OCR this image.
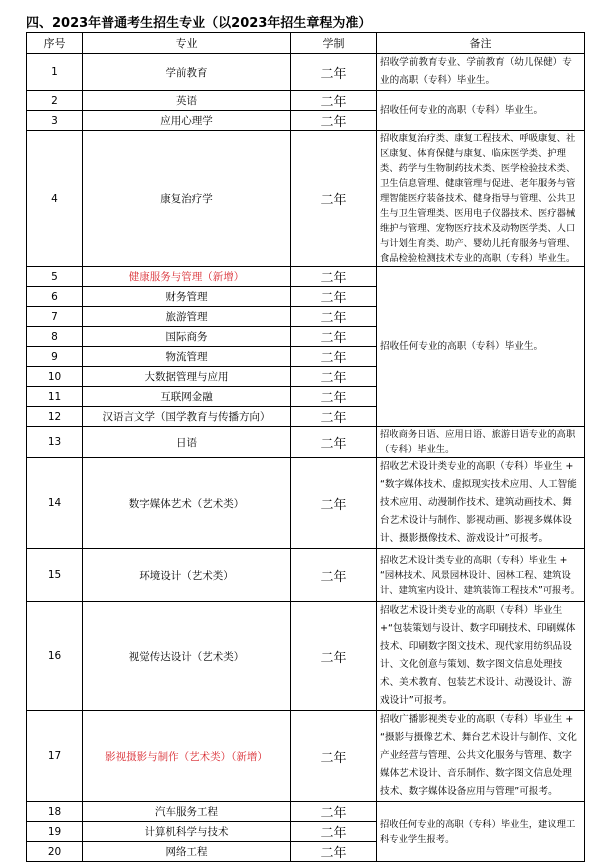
四、2023年普通考生招生专业（以2023年招生章程为准）
序号	专业	学制	备注
1	学前教育	二年	招收学前教育专业、学前教育（幼儿保健）专业的高职（专科）毕业生。
2	英语	二年	招收任何专业的高职（专科）毕业生。
3	应用心理学	二年	
4	康复治疗学	二年	招收康复治疗类、康复工程技术、呼吸康复、社区康复、体育保健与康复、临床医学类、护理类、药学与生物制药技术类、医学检验技术类、卫生信息管理、健康管理与促进、老年服务与管理智能医疗装备技术、健身指导与管理、公共卫生与卫生管理类、医用电子仪器技术、医疗器械维护与管理、宠物医疗技术及动物医学类、人口与计划生育类、助产、婴幼儿托育服务与管理、食品检验检测技术专业的高职（专科）毕业生。
5	健康服务与管理（新增）	二年	招收任何专业的高职（专科）毕业生。
6	财务管理	二年	
7	旅游管理	二年	
8	国际商务	二年	
9	物流管理	二年	
10	大数据管理与应用	二年	
11	互联网金融	二年	
12	汉语言文学（国学教育与传播方向）	二年	
13	日语	二年	招收商务日语、应用日语、旅游日语专业的高职（专科）毕业生。
14	数字媒体艺术（艺术类）	二年	招收艺术设计类专业的高职（专科）毕业生 + “数字媒体技术、虚拟现实技术应用、人工智能技术应用、动漫制作技术、建筑动画技术、舞台艺术设计与制作、影视动画、影视多媒体设计、摄影摄像技术、游戏设计”可报考。
15	环境设计（艺术类）	二年	招收艺术设计类专业的高职（专科）毕业生 + “园林技术、风景园林设计、园林工程、建筑设计、建筑室内设计、建筑装饰工程技术”可报考。
16	视觉传达设计（艺术类）	二年	招收艺术设计类专业的高职（专科）毕业生+“包装策划与设计、数字印刷技术、印刷媒体技术、印刷数字图文技术、现代家用纺织品设计、文化创意与策划、数字图文信息处理技术、美术教育、包装艺术设计、动漫设计、游戏设计”可报考。
17	影视摄影与制作（艺术类）（新增）	二年	招收广播影视类专业的高职（专科）毕业生 + “摄影与摄像艺术、舞台艺术设计与制作、文化产业经营与管理、公共文化服务与管理、数字媒体艺术设计、音乐制作、数字图文信息处理技术、数字媒体设备应用与管理”可报考。
18	汽车服务工程	二年	招收任何专业的高职（专科）毕业生，建议理工科专业学生报考。
19	计算机科学与技术	二年	
20	网络工程	二年	
